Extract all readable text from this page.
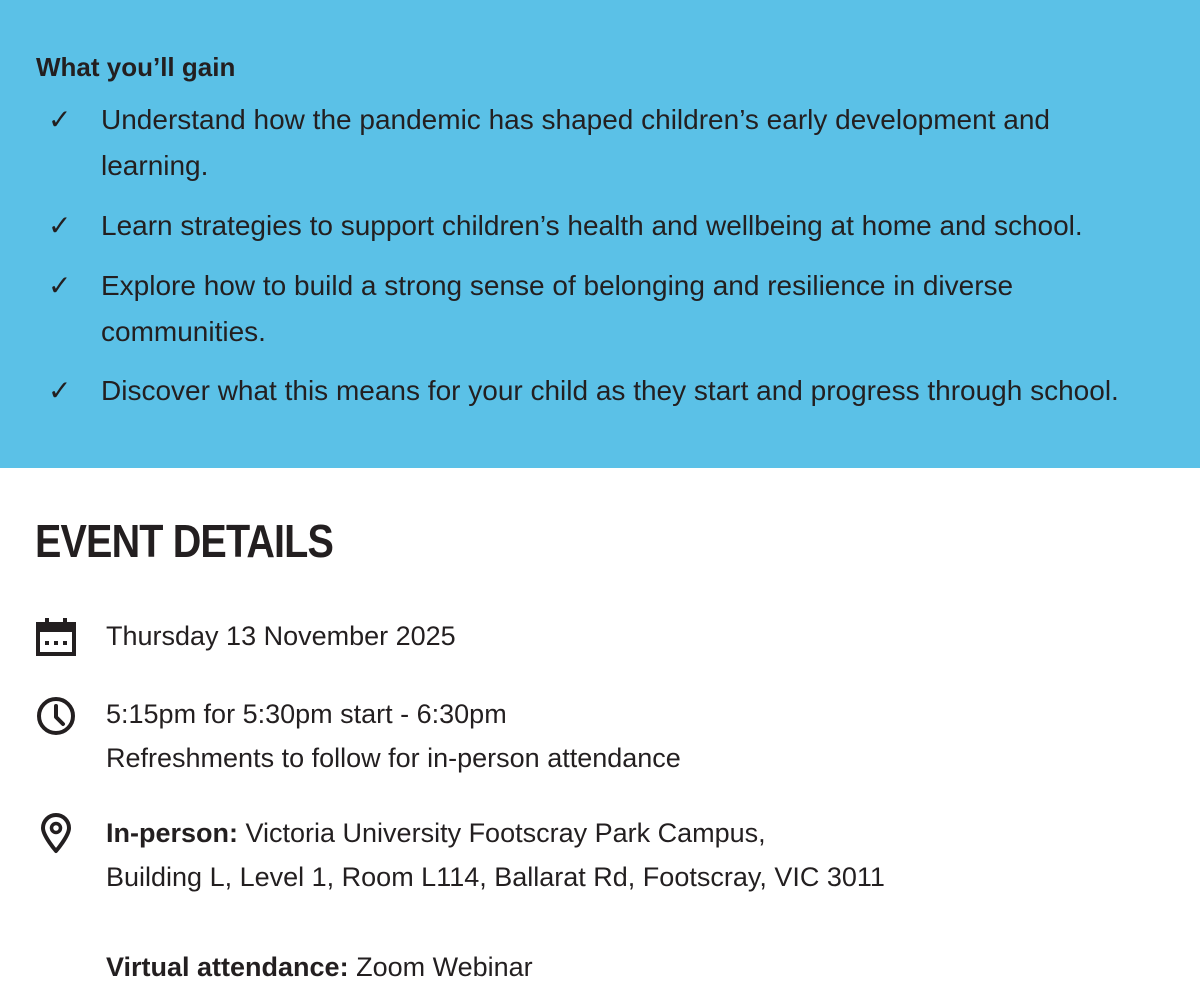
What you’ll gain
✓ Understand how the pandemic has shaped children’s early development and
learning.
✓ Learn strategies to support children’s health and wellbeing at home and school.
✓ Explore how to build a strong sense of belonging and resilience in diverse
communities.
✓ Discover what this means for your child as they start and progress through school.
EVENT DETAILS
Thursday 13 November 2025
5:15pm for 5:30pm start - 6:30pm
Refreshments to follow for in-person attendance
In-person: Victoria University Footscray Park Campus,
Building L, Level 1, Room L114, Ballarat Rd, Footscray, VIC 3011
Virtual attendance: Zoom Webinar
